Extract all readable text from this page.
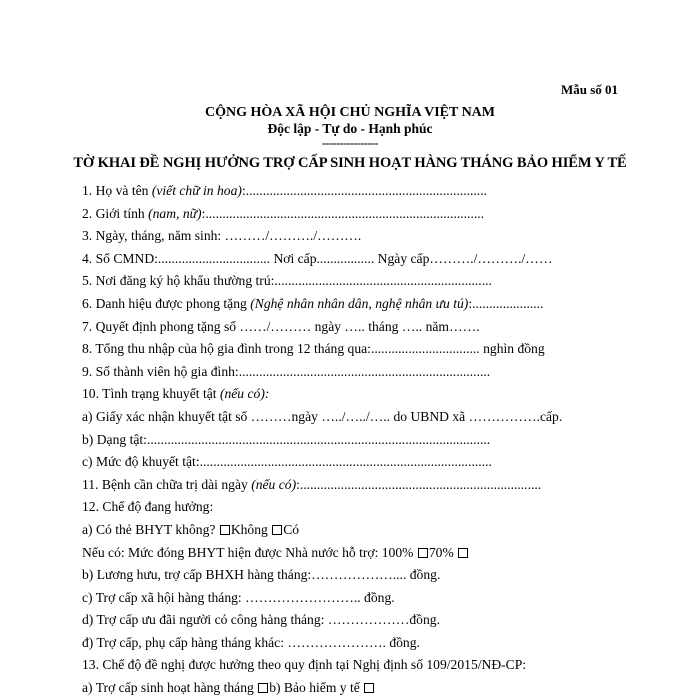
Mẫu số 01
CỘNG HÒA XÃ HỘI CHỦ NGHĨA VIỆT NAM
Độc lập - Tự do - Hạnh phúc
----------------
TỜ KHAI ĐỀ NGHỊ HƯỞNG TRỢ CẤP SINH HOẠT HÀNG THÁNG BẢO HIỂM Y TẾ
1. Họ và tên (viết chữ in hoa):.......................................................................
2. Giới tính (nam, nữ):..................................................................................
3. Ngày, tháng, năm sinh: ………/………./……….
4. Số CMND:................................. Nơi cấp................. Ngày cấp………./………./……
5. Nơi đăng ký hộ khẩu thường trú:................................................................
6. Danh hiệu được phong tặng (Nghệ nhân nhân dân, nghệ nhân ưu tú):.....................
7. Quyết định phong tặng số ……/……… ngày ….. tháng ….. năm…….
8. Tổng thu nhập của hộ gia đình trong 12 tháng qua:................................ nghìn đồng
9. Số thành viên hộ gia đình:..........................................................................
10. Tình trạng khuyết tật (nếu có):
a) Giấy xác nhận khuyết tật số ………ngày …../…../….. do UBND xã …………….cấp.
b) Dạng tật:.....................................................................................................
c) Mức độ khuyết tật:......................................................................................
11. Bệnh cần chữa trị dài ngày (nếu có):.......................................................................
12. Chế độ đang hưởng:
a) Có thẻ BHYT không? Không Có
Nếu có: Mức đóng BHYT hiện được Nhà nước hỗ trợ: 100% 70%
b) Lương hưu, trợ cấp BHXH hàng tháng:……………….... đồng.
c) Trợ cấp xã hội hàng tháng: …………………….. đồng.
d) Trợ cấp ưu đãi người có công hàng tháng: ………………đồng.
đ) Trợ cấp, phụ cấp hàng tháng khác: …………………. đồng.
13. Chế độ đề nghị được hưởng theo quy định tại Nghị định số 109/2015/NĐ-CP:
a) Trợ cấp sinh hoạt hàng tháng b) Bảo hiểm y tế
